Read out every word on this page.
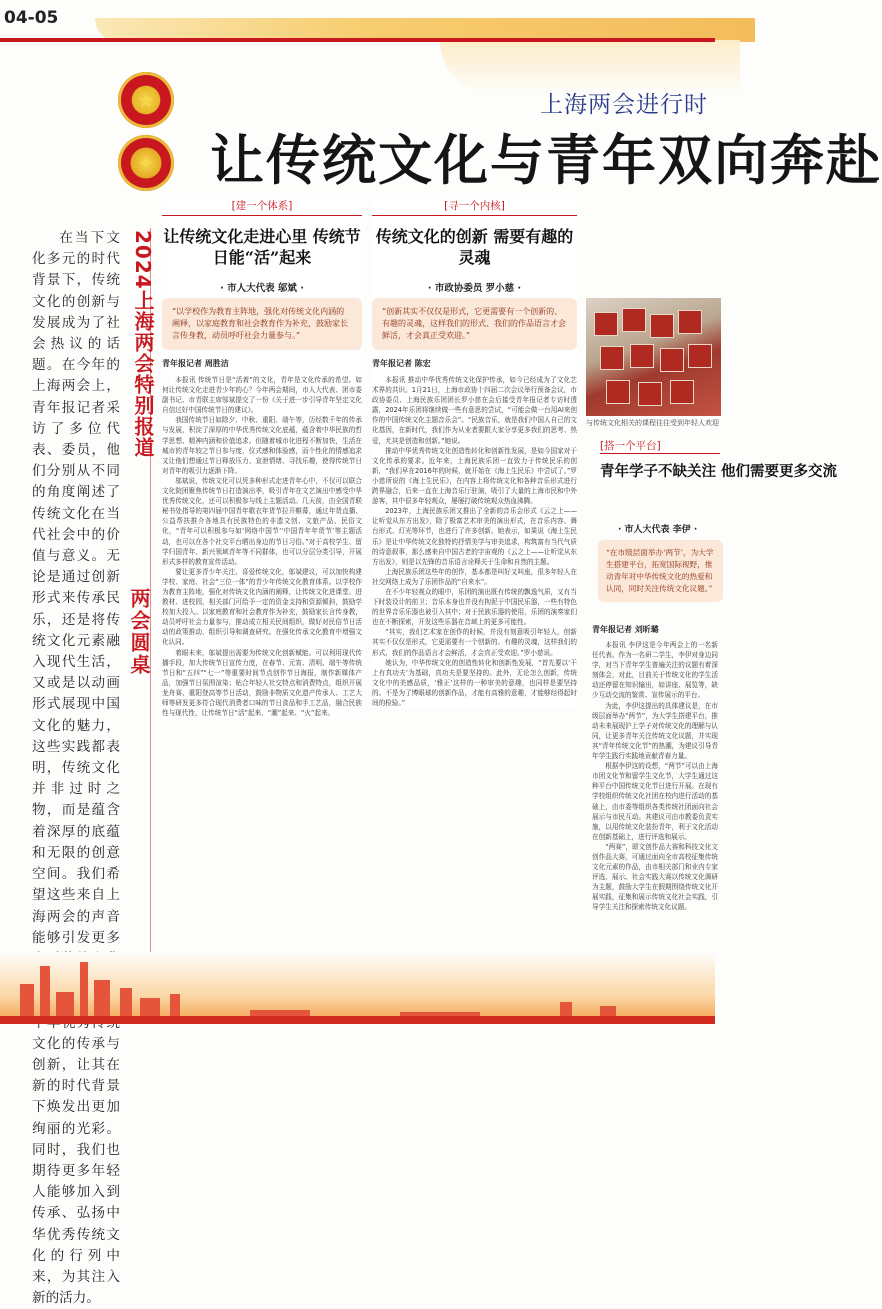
04-05
★
✦
上海两会进行时
让传统文化与青年双向奔赴
2024上海两会特别报道
两会圆桌
在当下文化多元的时代背景下，传统文化的创新与发展成为了社会热议的话题。在今年的上海两会上，青年报记者采访了多位代表、委员，他们分别从不同的角度阐述了传统文化在当代社会中的价值与意义。无论是通过创新形式来传承民乐，还是将传统文化元素融入现代生活，又或是以动画形式展现中国文化的魅力，这些实践都表明，传统文化并非过时之物，而是蕴含着深厚的底蕴和无限的创意空间。我们希望这些来自上海两会的声音能够引发更多 文化的传承与创新，让其在新的时代背景下焕发出更加绚丽的光彩。同时，我们也期待更多年轻人能够加入到传承、弘扬中华优秀传统文化的行列中来，为其注入新的活力。
[建一个体系]
让传统文化走进心里 传统节日能“活”起来
· 市人大代表 邬斌 ·
“以学校作为教育主阵地，强化对传统文化内涵的阐释，以家庭教育和社会教育作为补充，鼓励家长言传身教，动员呼吁社会力量参与。”
青年报记者 周胜洁

本报讯 传统节日是“活着”的文化，青年是文化传承的希望。如何让传统文化走进青少年的心？今年两会期间，市人大代表、团市委副书记、市青联主席邬斌提交了一份《关于进一步引导青年坚定文化自信过好中国传统节日的建议》。

我国传统节日如除夕、中秋、重阳、端午等，历经数千年的传承与发展，积淀了深厚的中华优秀传统文化底蕴，蕴含着中华民族的哲学思想、精神内涵和价值追求。但随着城市化进程不断加快，生活在城市的青年较之节日参与度、仪式感和体验感，而个性化的情感追求又让他们想通过节日释放压力、宣泄情绪、寻找乐趣，使得传统节日对青年的吸引力逐渐下降。

邬斌说，传统文化可以凭多种形式走进青年心中，不仅可以联合文化院团聚焦传统节日打造演出季，吸引青年在文艺演出中感受中华优秀传统文化，还可以积极参与线上主题活动。几天前，由全国青联秘书处指导的第四届中国青年歌衣年货节拉开帷幕，通过年货直播、公益帮扶推介各地具有民族特色的非遗文创、文旅产品、民俗文化，“青年可以积极参与如‘网络中国节’‘中国青年年货节’等主题活动，也可以在各个社交平台晒出身边的节日习俗。”对于高校学生、留学归国青年、新兴领域青年等不同群体，也可以分层分类引导，开展形式多样的教育宣传活动。

要让更多青少年关注、喜爱传统文化，邬斌建议，可以加快构建学校、家庭、社会“三位一体”的青少年传统文化教育体系。以学校作为教育主阵地，强化对传统文化内涵的阐释，让传统文化进课堂、进教材、进校园，相关部门可给予一定的资金支持和资源倾斜，鼓励学校加大投入。以家庭教育和社会教育作为补充，鼓励家长言传身教，动员呼吁社会力量参与，推动成立相关民间组织，做好对民俗节日活动的政策推动、组织引导和调查研究。在强化传承文化教育中增强文化认同。

着眼未来，邬斌提出需要为传统文化创新赋能。可以利用现代传播手段，加大传统节日宣传力度，在春节、元宵、清明、端午等传统节日和“五四”“七一”等重要时间节点创作节日海报，制作新媒体产品，加强节日氛围渲染；贴合年轻人社交特点和消费特点，组织开展龙舟赛、重阳登高等节日活动，鼓励非物质文化遗产传承人、工艺大师等研发更多符合现代消费者口味的节日食品和手工艺品，融合民族性与现代性，让传统节日“活”起来、“潮”起来、“火”起来。

[寻一个内核]
传统文化的创新 需要有趣的灵魂
· 市政协委员 罗小慈 ·
“创新其实不仅仅是形式，它更需要有一个创新的、有趣的灵魂，这样我们的形式、我们的作品语言才会鲜活，才会真正受欢迎。”
青年报记者 陈宏

本报讯 推动中华优秀传统文化保护传承，如今已经成为了文化艺术界的共识。1月21日，上海市政协十四届二次会议举行预备会议，市政协委员、上海民族乐团团长罗小慈在会后接受青年报记者专访时透露，2024年乐团将继续做一些有意思的尝试，“可能会做一台用AI来创作的中国传统文化主题音乐会”。“民族音乐，就是我们中国人自己的文化基因，在新时代，我们作为从业者要跟大家分享更多我们的思考、热爱，尤其是创造和创新。”她说。

推动中华优秀传统文化创造性转化和创新性发展，是如今国家对于文化传承的要求。近年来，上海民族乐团一直致力于传统民乐的创新，“我们早在2016年的时候，就开始在《海上生民乐》中尝试了。”罗小慈所说的《海上生民乐》，在内容上将传统文化和各种音乐形式进行跨界融合，后来一直在上海音乐厅驻演，吸引了大量的上海市民和中外游客，其中很多年轻观众，屡屡打破传统观众热血沸腾。

2023年，上海民族乐团又推出了全新的音乐会形式《云之上——让听觉从东方出发》，除了极富艺术审美的演出形式，在音乐内容、舞台形式、灯光等环节，也进行了许多创新。她表示，如果说《海上生民乐》是让中华传统文化独特的抒情美学与审美追求，构筑富有当代气质的诗意叙事，那么感来自中国古老的宇宙观的《云之上——让听觉从东方出发》，则是以先锋的音乐语言诠释关于生命和自然的主题。

上海民族乐团这些年的创作，基本都是叫好又叫座，很多年轻人在社交网络上成为了乐团作品的“自来水”。

在不少年轻观众的眼中，乐团的演出既有传统的飘逸气质，又有当下时装设计的前卫；音乐本身也并没有拘泥于中国民乐器，一些有特色的世界音乐乐器也被引入其中；对于民族乐器的使用，乐团的演奏家们也在不断探索，开发这些乐器在音域上的更多可能性。

“其实，我们艺术家在创作的时候，并没有刻意吸引年轻人，创新其实不仅仅是形式，它更需要有一个创新的、有趣的灵魂，这样我们的形式、我们的作品语言才会鲜活，才会真正受欢迎。”罗小慈说。

她认为，中华传统文化的创造性转化和创新性发展，“首先要以‘干上有真功夫’为基础，真功夫是要坚持的。此外，无论怎么创新，传统文化中的美感品质，‘雅正’这样的一种审美的意趣，也同样是要坚持的。不是为了博眼球的创新作品，才能有高雅的意趣，才能够经得起时间的检验。”

与传统文化相关的课程往往受到年轻人欢迎
[搭一个平台]
青年学子不缺关注 他们需要更多交流
· 市人大代表 李伊 ·
“在市级层面举办‘两节’，为大学生搭建平台，拓宽国际视野，推动青年对中华传统文化的热爱和认同，同时关注传统文化议题。”
青年报记者 刘昕璐

本报讯 李伊这是今年两会上的一名新任代表。作为一名研二学生，李伊对身边同学，对当下青年学生普遍关注的议题有着深刻体会，对此，目前关于传统文化的学生活动还停留在知识输出，如讲座、展览等，缺少互动交流的鉴赏、宣传展示的平台。

为此，李伊这提出的具体建议是，在市级层面举办“两节”，为大学生搭建平台，推动未来展现沪上学子对传统文化的理解与认同，让更多青年关注传统文化议题，并实现其“青年传统文化节”的热潮，为建议引导青年学生践行实践地贡献青春力量。

根据李伊这的设想，“两节”可以由上海市团文化节和留学生文化节，大学生通过这种平台中国传统文化节日进行开展。在现有学校组织传统文化社团在校内进行活动的基础上，由市委等组织各类传统社团面向社会展示与市民互动。其建议可由市教委负责实施，以用传统文化装扮青年，利于文化活动在创新基础上，进行评选和展示。

“两赛”，即文创作品大赛和科技文化文创作品大赛，可通过面向全市高校征集传统文化元素的作品，由市相关部门和业内专家评选、展示。社会实践大赛以传统文化调研为主题，鼓励大学生在假期围绕传统文化开展实践，征集和展示传统文化社会实践，引导学生关注和探索传统文化议题。
